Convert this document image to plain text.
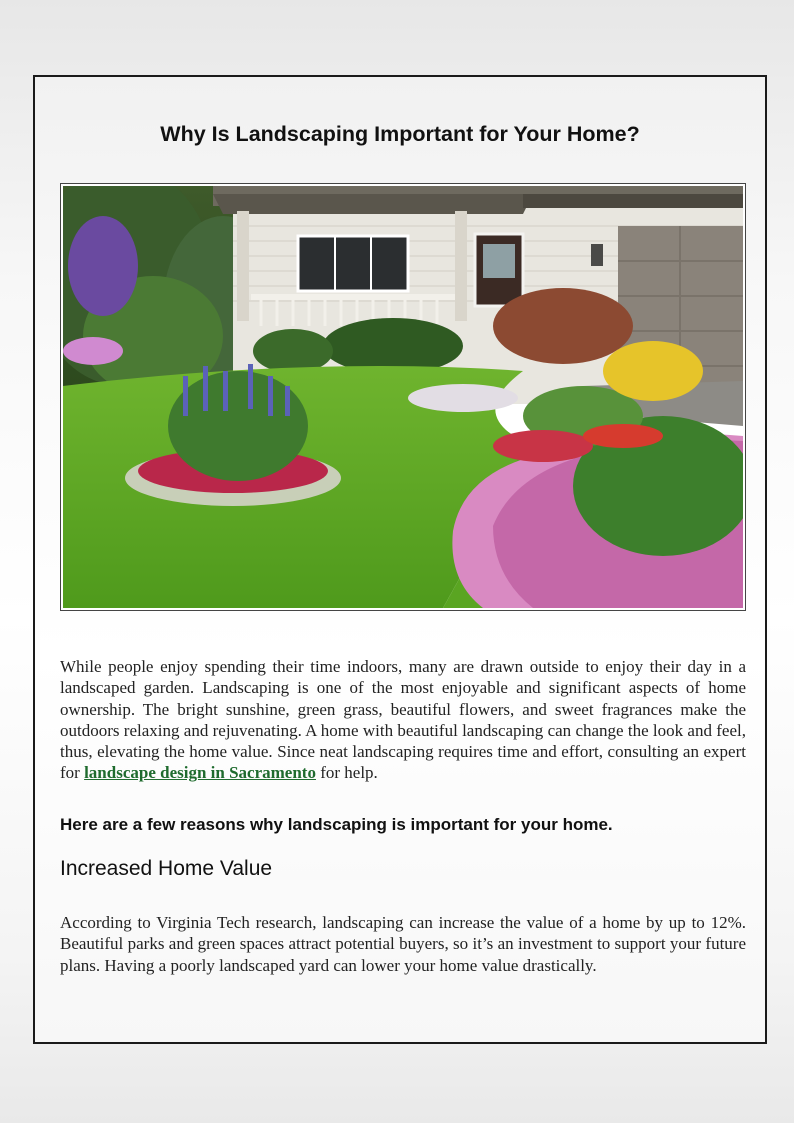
Why Is Landscaping Important for Your Home?

While people enjoy spending their time indoors, many are drawn outside to enjoy their day in a landscaped garden. Landscaping is one of the most enjoyable and significant aspects of home ownership. The bright sunshine, green grass, beautiful flowers, and sweet fragrances make the outdoors relaxing and rejuvenating. A home with beautiful landscaping can change the look and feel, thus, elevating the home value. Since neat landscaping requires time and effort, consulting an expert for landscape design in Sacramento for help.

Here are a few reasons why landscaping is important for your home.

Increased Home Value

According to Virginia Tech research, landscaping can increase the value of a home by up to 12%. Beautiful parks and green spaces attract potential buyers, so it’s an investment to support your future plans. Having a poorly landscaped yard can lower your home value drastically.
